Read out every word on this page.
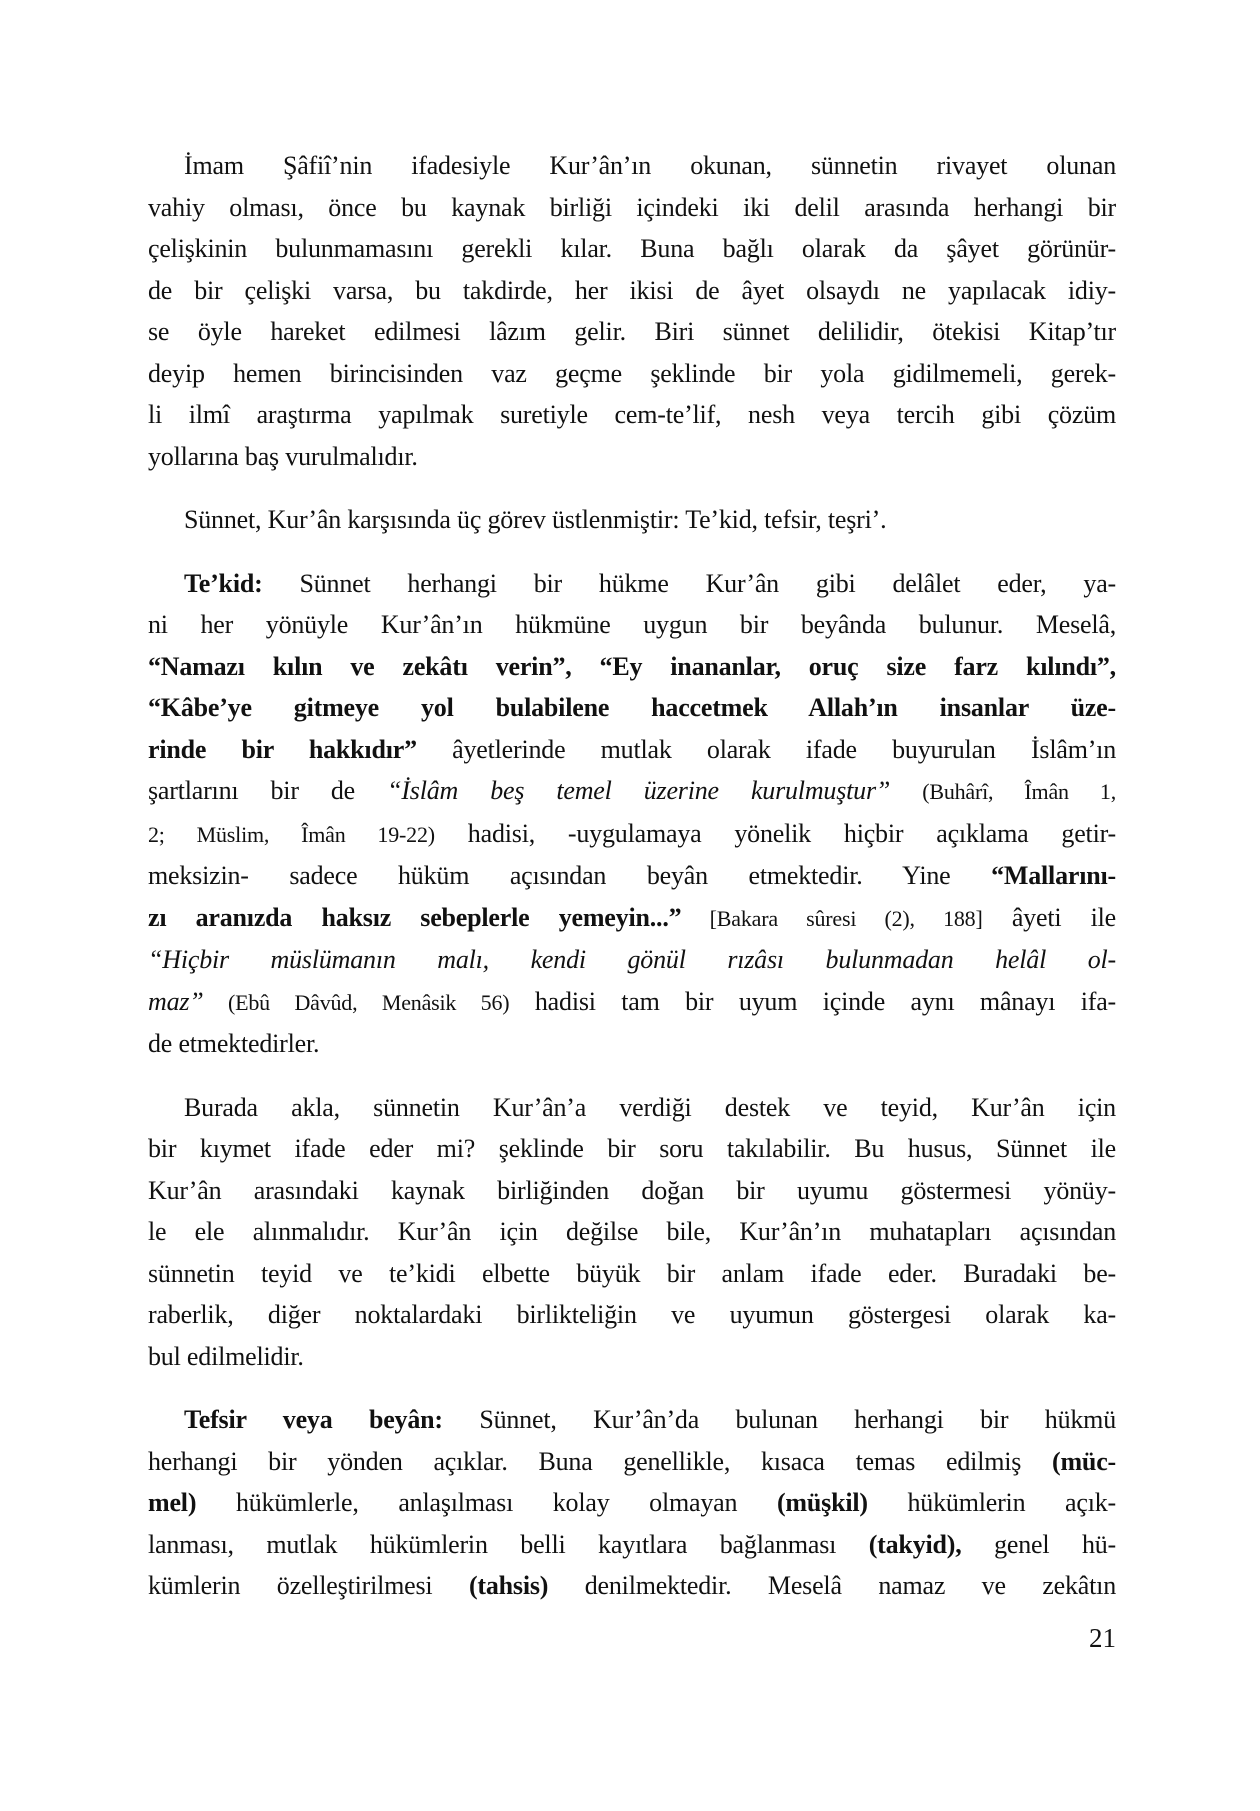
İmam Şâfiî’nin ifadesiyle Kur’ân’ın okunan, sünnetin rivayet olunan
vahiy olması, önce bu kaynak birliği içindeki iki delil arasında herhangi bir
çelişkinin bulunmamasını gerekli kılar. Buna bağlı olarak da şâyet görünür-
de bir çelişki varsa, bu takdirde, her ikisi de âyet olsaydı ne yapılacak idiy-
se öyle hareket edilmesi lâzım gelir. Biri sünnet delilidir, ötekisi Kitap’tır
deyip hemen birincisinden vaz geçme şeklinde bir yola gidilmemeli, gerek-
li ilmî araştırma yapılmak suretiyle cem-te’lif, nesh veya tercih gibi çözüm
yollarına baş vurulmalıdır.
Sünnet, Kur’ân karşısında üç görev üstlenmiştir: Te’kid, tefsir, teşri’.
Te’kid: Sünnet herhangi bir hükme Kur’ân gibi delâlet eder, ya-
ni her yönüyle Kur’ân’ın hükmüne uygun bir beyânda bulunur. Meselâ,
“Namazı kılın ve zekâtı verin”, “Ey inananlar, oruç size farz kılındı”,
“Kâbe’ye gitmeye yol bulabilene haccetmek Allah’ın insanlar üze-
rinde bir hakkıdır” âyetlerinde mutlak olarak ifade buyurulan İslâm’ın
şartlarını bir de “İslâm beş temel üzerine kurulmuştur” (Buhârî, Îmân 1,
2; Müslim, Îmân 19-22) hadisi, -uygulamaya yönelik hiçbir açıklama getir-
meksizin- sadece hüküm açısından beyân etmektedir. Yine “Mallarını-
zı aranızda haksız sebeplerle yemeyin...” [Bakara sûresi (2), 188] âyeti ile
“Hiçbir müslümanın malı, kendi gönül rızâsı bulunmadan helâl ol-
maz” (Ebû Dâvûd, Menâsik 56) hadisi tam bir uyum içinde aynı mânayı ifa-
de etmektedirler.
Burada akla, sünnetin Kur’ân’a verdiği destek ve teyid, Kur’ân için
bir kıymet ifade eder mi? şeklinde bir soru takılabilir. Bu husus, Sünnet ile
Kur’ân arasındaki kaynak birliğinden doğan bir uyumu göstermesi yönüy-
le ele alınmalıdır. Kur’ân için değilse bile, Kur’ân’ın muhatapları açısından
sünnetin teyid ve te’kidi elbette büyük bir anlam ifade eder. Buradaki be-
raberlik, diğer noktalardaki birlikteliğin ve uyumun göstergesi olarak ka-
bul edilmelidir.
Tefsir veya beyân: Sünnet, Kur’ân’da bulunan herhangi bir hükmü
herhangi bir yönden açıklar. Buna genellikle, kısaca temas edilmiş (müc-
mel) hükümlerle, anlaşılması kolay olmayan (müşkil) hükümlerin açık-
lanması, mutlak hükümlerin belli kayıtlara bağlanması (takyid), genel hü-
kümlerin özelleştirilmesi (tahsis) denilmektedir. Meselâ namaz ve zekâtın
21
